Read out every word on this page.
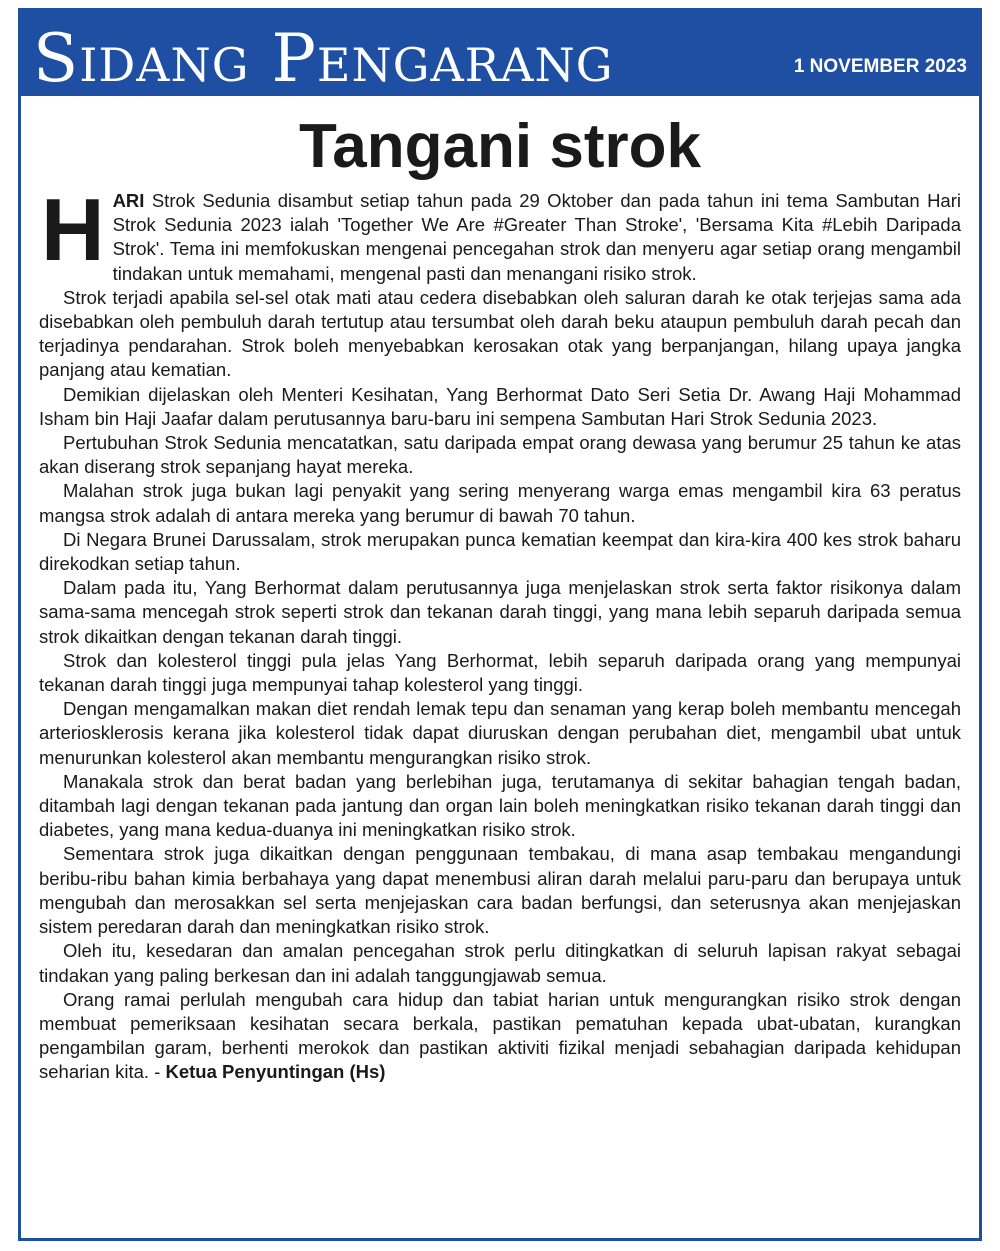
Sidang Pengarang	1 NOVEMBER 2023
Tangani strok

HARI Strok Sedunia disambut setiap tahun pada 29 Oktober dan pada tahun ini tema Sambutan Hari Strok Sedunia 2023 ialah 'Together We Are #Greater Than Stroke', 'Bersama Kita #Lebih Daripada Strok'. Tema ini memfokuskan mengenai pencegahan strok dan menyeru agar setiap orang mengambil tindakan untuk memahami, mengenal pasti dan menangani risiko strok.

Strok terjadi apabila sel-sel otak mati atau cedera disebabkan oleh saluran darah ke otak terjejas sama ada disebabkan oleh pembuluh darah tertutup atau tersumbat oleh darah beku ataupun pembuluh darah pecah dan terjadinya pendarahan. Strok boleh menyebabkan kerosakan otak yang berpanjangan, hilang upaya jangka panjang atau kematian.

Demikian dijelaskan oleh Menteri Kesihatan, Yang Berhormat Dato Seri Setia Dr. Awang Haji Mohammad Isham bin Haji Jaafar dalam perutusannya baru-baru ini sempena Sambutan Hari Strok Sedunia 2023.

Pertubuhan Strok Sedunia mencatatkan, satu daripada empat orang dewasa yang berumur 25 tahun ke atas akan diserang strok sepanjang hayat mereka.

Malahan strok juga bukan lagi penyakit yang sering menyerang warga emas mengambil kira 63 peratus mangsa strok adalah di antara mereka yang berumur di bawah 70 tahun.

Di Negara Brunei Darussalam, strok merupakan punca kematian keempat dan kira-kira 400 kes strok baharu direkodkan setiap tahun.

Dalam pada itu, Yang Berhormat dalam perutusannya juga menjelaskan strok serta faktor risikonya dalam sama-sama mencegah strok seperti strok dan tekanan darah tinggi, yang mana lebih separuh daripada semua strok dikaitkan dengan tekanan darah tinggi.

Strok dan kolesterol tinggi pula jelas Yang Berhormat, lebih separuh daripada orang yang mempunyai tekanan darah tinggi juga mempunyai tahap kolesterol yang tinggi.

Dengan mengamalkan makan diet rendah lemak tepu dan senaman yang kerap boleh membantu mencegah arteriosklerosis kerana jika kolesterol tidak dapat diuruskan dengan perubahan diet, mengambil ubat untuk menurunkan kolesterol akan membantu mengurangkan risiko strok.

Manakala strok dan berat badan yang berlebihan juga, terutamanya di sekitar bahagian tengah badan, ditambah lagi dengan tekanan pada jantung dan organ lain boleh meningkatkan risiko tekanan darah tinggi dan diabetes, yang mana kedua-duanya ini meningkatkan risiko strok.

Sementara strok juga dikaitkan dengan penggunaan tembakau, di mana asap tembakau mengandungi beribu-ribu bahan kimia berbahaya yang dapat menembusi aliran darah melalui paru-paru dan berupaya untuk mengubah dan merosakkan sel serta menjejaskan cara badan berfungsi, dan seterusnya akan menjejaskan sistem peredaran darah dan meningkatkan risiko strok.

Oleh itu, kesedaran dan amalan pencegahan strok perlu ditingkatkan di seluruh lapisan rakyat sebagai tindakan yang paling berkesan dan ini adalah tanggungjawab semua.

Orang ramai perlulah mengubah cara hidup dan tabiat harian untuk mengurangkan risiko strok dengan membuat pemeriksaan kesihatan secara berkala, pastikan pematuhan kepada ubat-ubatan, kurangkan pengambilan garam, berhenti merokok dan pastikan aktiviti fizikal menjadi sebahagian daripada kehidupan seharian kita. - Ketua Penyuntingan (Hs)
